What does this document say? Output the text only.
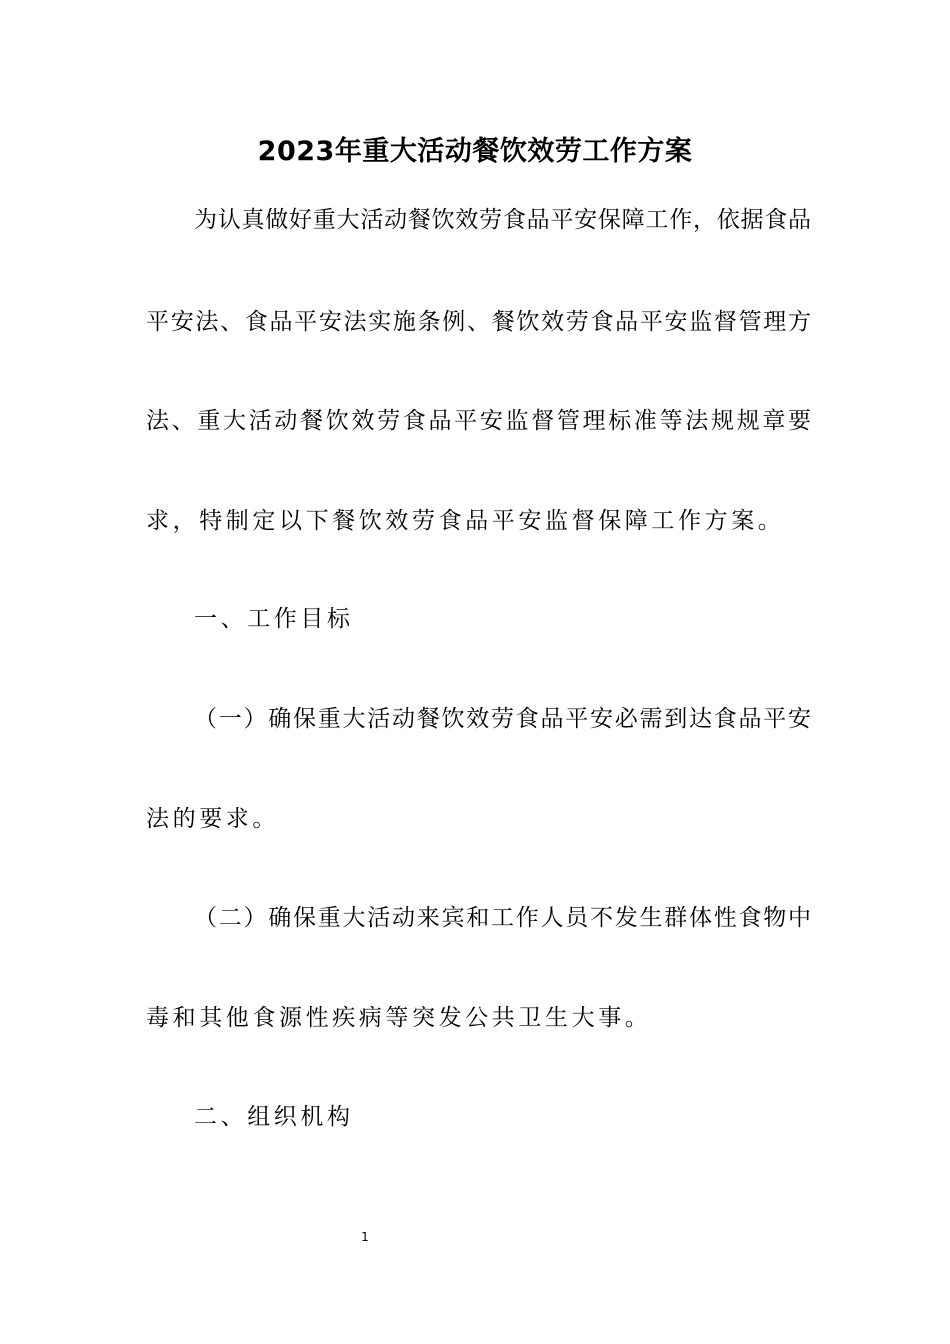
2023年重大活动餐饮效劳工作方案
为认真做好重大活动餐饮效劳食品平安保障工作，依据食品
平安法、食品平安法实施条例、餐饮效劳食品平安监督管理方
法、重大活动餐饮效劳食品平安监督管理标准等法规规章要
求，特制定以下餐饮效劳食品平安监督保障工作方案。
一、工作目标
（一）确保重大活动餐饮效劳食品平安必需到达食品平安
法的要求。
（二）确保重大活动来宾和工作人员不发生群体性食物中
毒和其他食源性疾病等突发公共卫生大事。
二、组织机构
1
